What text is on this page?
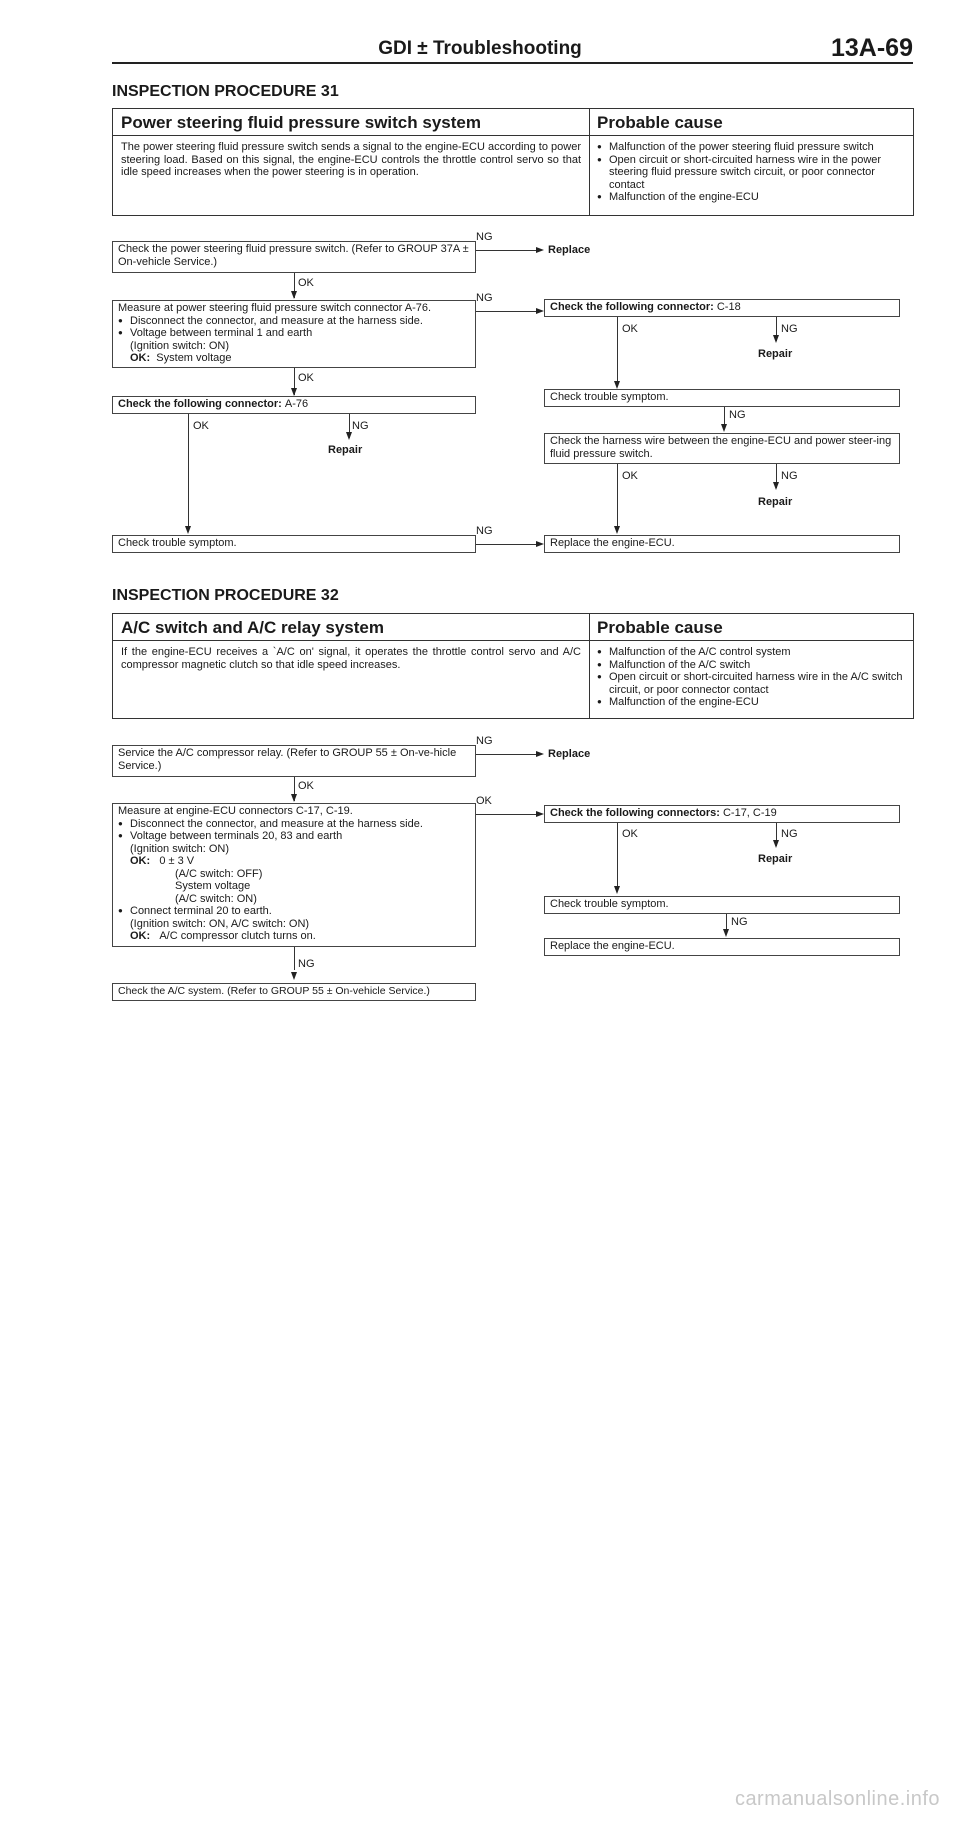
GDI ± Troubleshooting	13A-69
INSPECTION PROCEDURE 31
Power steering fluid pressure switch system	Probable cause
The power steering fluid pressure switch sends a signal to the engine-ECU according to power steering load. Based on this signal, the engine-ECU controls the throttle control servo so that idle speed increases when the power steering is in operation.
● Malfunction of the power steering fluid pressure switch
● Open circuit or short-circuited harness wire in the power steering fluid pressure switch circuit, or poor connector contact
● Malfunction of the engine-ECU
Check the power steering fluid pressure switch. (Refer to GROUP 37A ± On-vehicle Service.)
NG
Replace
OK
Measure at power steering fluid pressure switch connector A-76.
● Disconnect the connector, and measure at the harness side.
● Voltage between terminal 1 and earth
(Ignition switch: ON)
OK: System voltage
NG
OK
Check the following connector: A-76
OK	NG
Repair
Check trouble symptom.
NG
Check the following connector: C-18
OK	NG
Repair
Check trouble symptom.
NG
Check the harness wire between the engine-ECU and power steer-ing fluid pressure switch.
OK	NG
Repair
Replace the engine-ECU.
INSPECTION PROCEDURE 32
A/C switch and A/C relay system	Probable cause
If the engine-ECU receives a `A/C on' signal, it operates the throttle control servo and A/C compressor magnetic clutch so that idle speed increases.
● Malfunction of the A/C control system
● Malfunction of the A/C switch
● Open circuit or short-circuited harness wire in the A/C switch circuit, or poor connector contact
● Malfunction of the engine-ECU
Service the A/C compressor relay. (Refer to GROUP 55 ± On-ve-hicle Service.)
NG
Replace
OK
Measure at engine-ECU connectors C-17, C-19.
● Disconnect the connector, and measure at the harness side.
● Voltage between terminals 20, 83 and earth
(Ignition switch: ON)
OK: 0 ± 3 V
(A/C switch: OFF)
System voltage
(A/C switch: ON)
● Connect terminal 20 to earth.
(Ignition switch: ON, A/C switch: ON)
OK: A/C compressor clutch turns on.
OK
NG
Check the A/C system. (Refer to GROUP 55 ± On-vehicle Service.)
Check the following connectors: C-17, C-19
OK	NG
Repair
Check trouble symptom.
NG
Replace the engine-ECU.
carmanualsonline.info
